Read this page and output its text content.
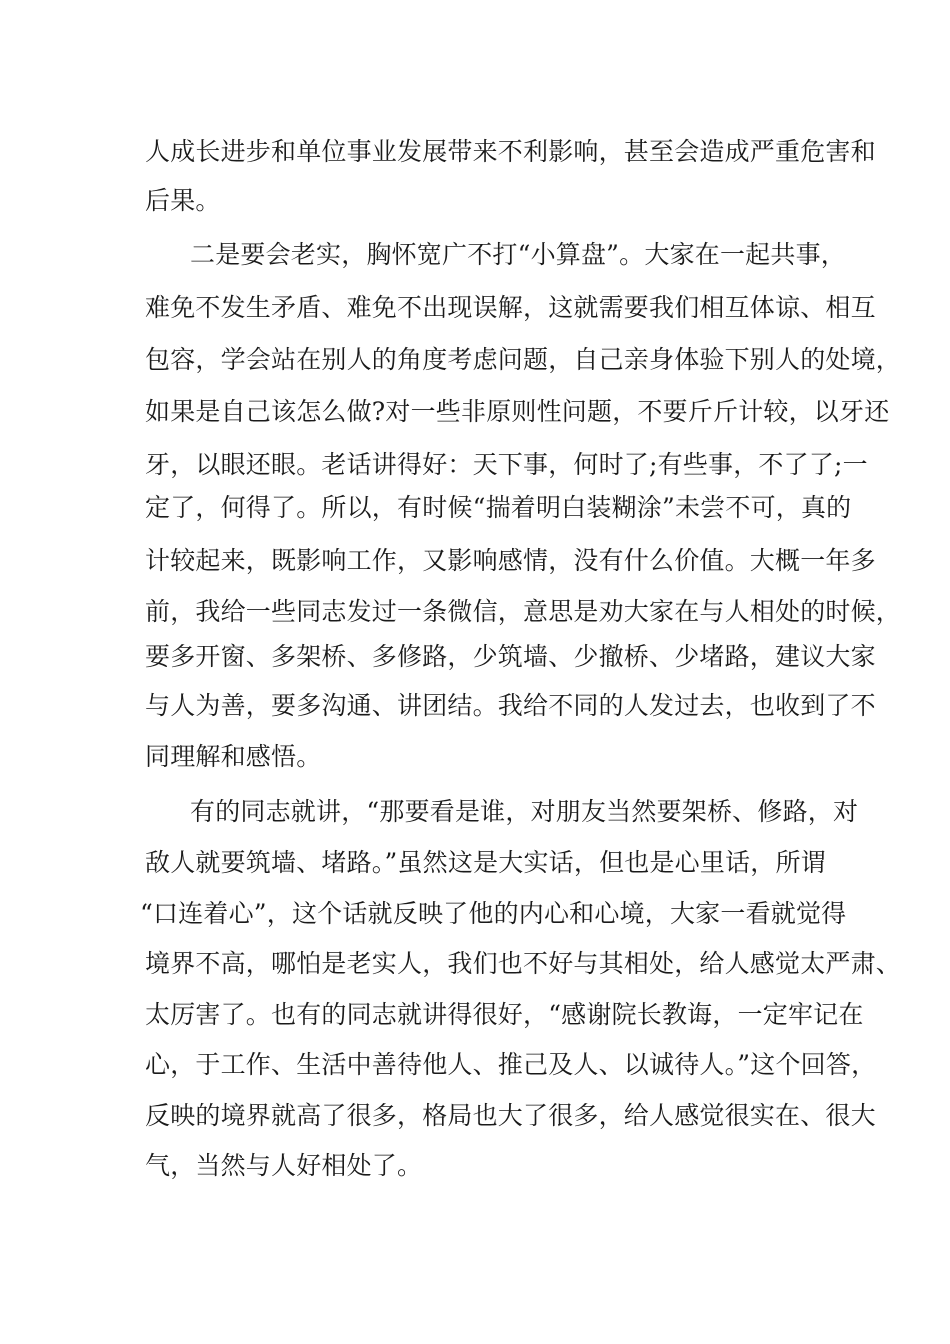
人成长进步和单位事业发展带来不利影响，甚至会造成严重危害和
后果。
二是要会老实，胸怀宽广不打“小算盘”。大家在一起共事，
难免不发生矛盾、难免不出现误解，这就需要我们相互体谅、相互
包容，学会站在别人的角度考虑问题，自己亲身体验下别人的处境，
如果是自己该怎么做?对一些非原则性问题，不要斤斤计较，以牙还
牙，以眼还眼。老话讲得好：天下事，何时了;有些事，不了了;一
定了，何得了。所以，有时候“揣着明白装糊涂”未尝不可，真的
计较起来，既影响工作，又影响感情，没有什么价值。大概一年多
前，我给一些同志发过一条微信，意思是劝大家在与人相处的时候，
要多开窗、多架桥、多修路，少筑墙、少撤桥、少堵路，建议大家
与人为善，要多沟通、讲团结。我给不同的人发过去，也收到了不
同理解和感悟。
有的同志就讲，“那要看是谁，对朋友当然要架桥、修路，对
敌人就要筑墙、堵路。”虽然这是大实话，但也是心里话，所谓
“口连着心”，这个话就反映了他的内心和心境，大家一看就觉得
境界不高，哪怕是老实人，我们也不好与其相处，给人感觉太严肃、
太厉害了。也有的同志就讲得很好，“感谢院长教诲，一定牢记在
心，于工作、生活中善待他人、推己及人、以诚待人。”这个回答，
反映的境界就高了很多，格局也大了很多，给人感觉很实在、很大
气，当然与人好相处了。
